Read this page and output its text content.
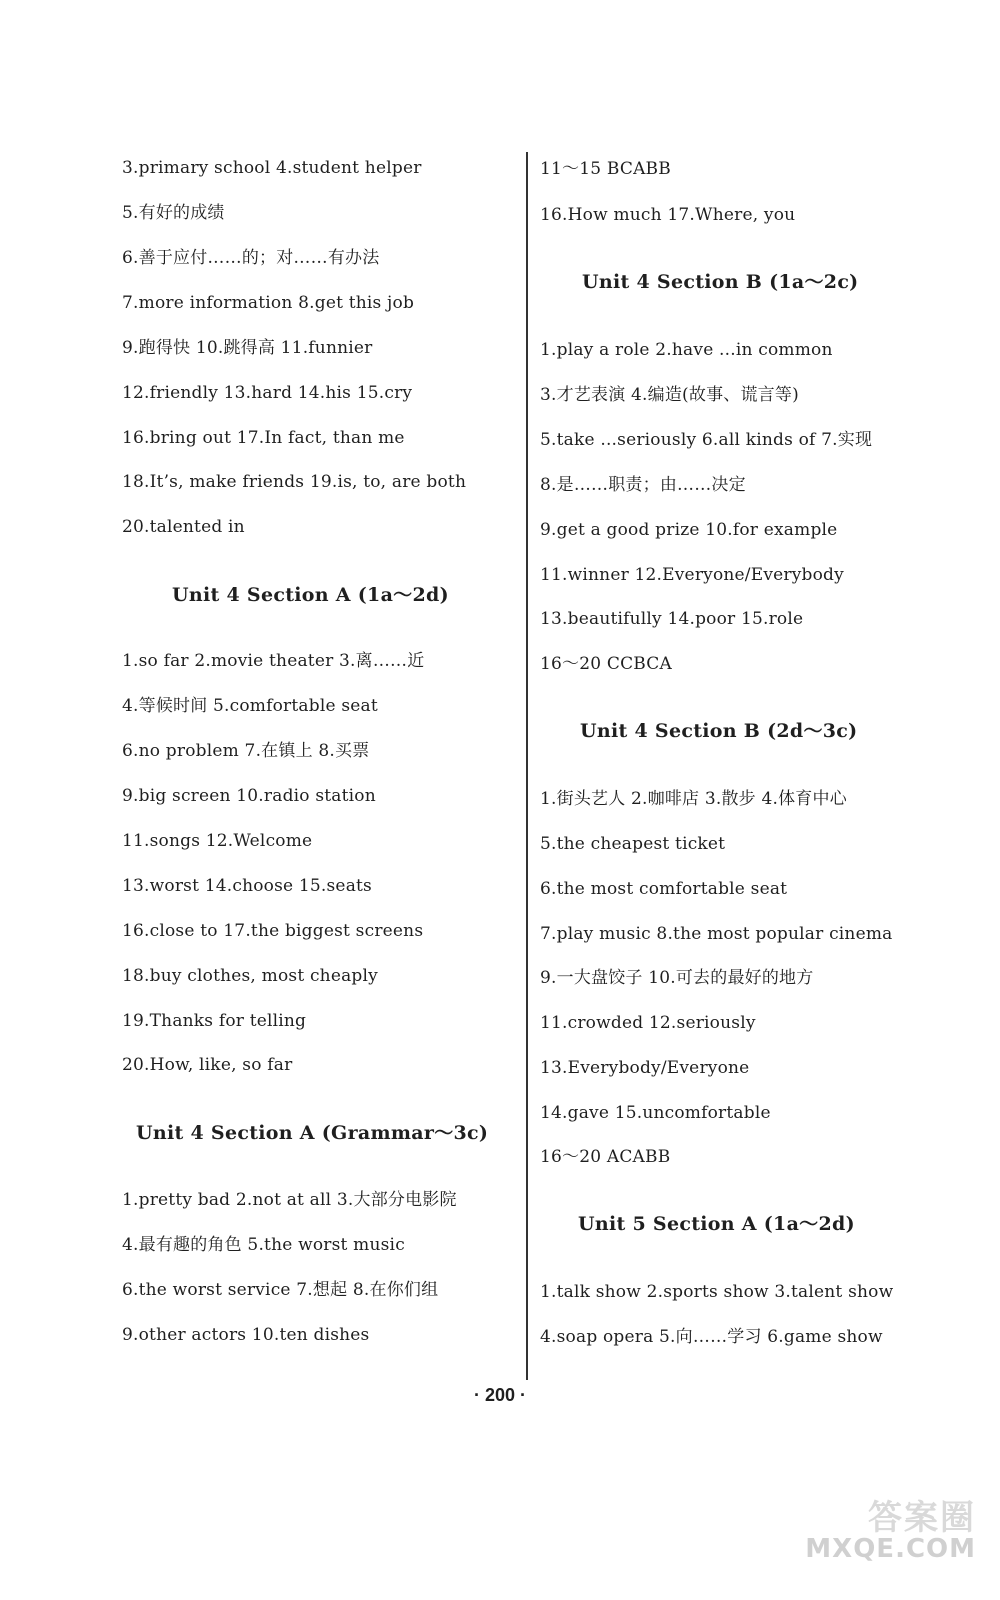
3.primary school 4.student helper
5.有好的成绩
6.善于应付……的；对……有办法
7.more information 8.get this job
9.跑得快 10.跳得高 11.funnier
12.friendly 13.hard 14.his 15.cry
16.bring out 17.In fact, than me
18.It’s, make friends 19.is, to, are both
20.talented in
Unit 4 Section A (1a～2d)
1.so far 2.movie theater 3.离……近
4.等候时间 5.comfortable seat
6.no problem 7.在镇上 8.买票
9.big screen 10.radio station
11.songs 12.Welcome
13.worst 14.choose 15.seats
16.close to 17.the biggest screens
18.buy clothes, most cheaply
19.Thanks for telling
20.How, like, so far
Unit 4 Section A (Grammar～3c)
1.pretty bad 2.not at all 3.大部分电影院
4.最有趣的角色 5.the worst music
6.the worst service 7.想起 8.在你们组
9.other actors 10.ten dishes
11～15 BCABB
16.How much 17.Where, you
Unit 4 Section B (1a～2c)
1.play a role 2.have ...in common
3.才艺表演 4.编造(故事、谎言等)
5.take ...seriously 6.all kinds of 7.实现
8.是……职责；由……决定
9.get a good prize 10.for example
11.winner 12.Everyone/Everybody
13.beautifully 14.poor 15.role
16～20 CCBCA
Unit 4 Section B (2d～3c)
1.街头艺人 2.咖啡店 3.散步 4.体育中心
5.the cheapest ticket
6.the most comfortable seat
7.play music 8.the most popular cinema
9.一大盘饺子 10.可去的最好的地方
11.crowded 12.seriously
13.Everybody/Everyone
14.gave 15.uncomfortable
16～20 ACABB
Unit 5 Section A (1a～2d)
1.talk show 2.sports show 3.talent show
4.soap opera 5.向……学习 6.game show
· 200 ·
答案圈
MXQE.COM
